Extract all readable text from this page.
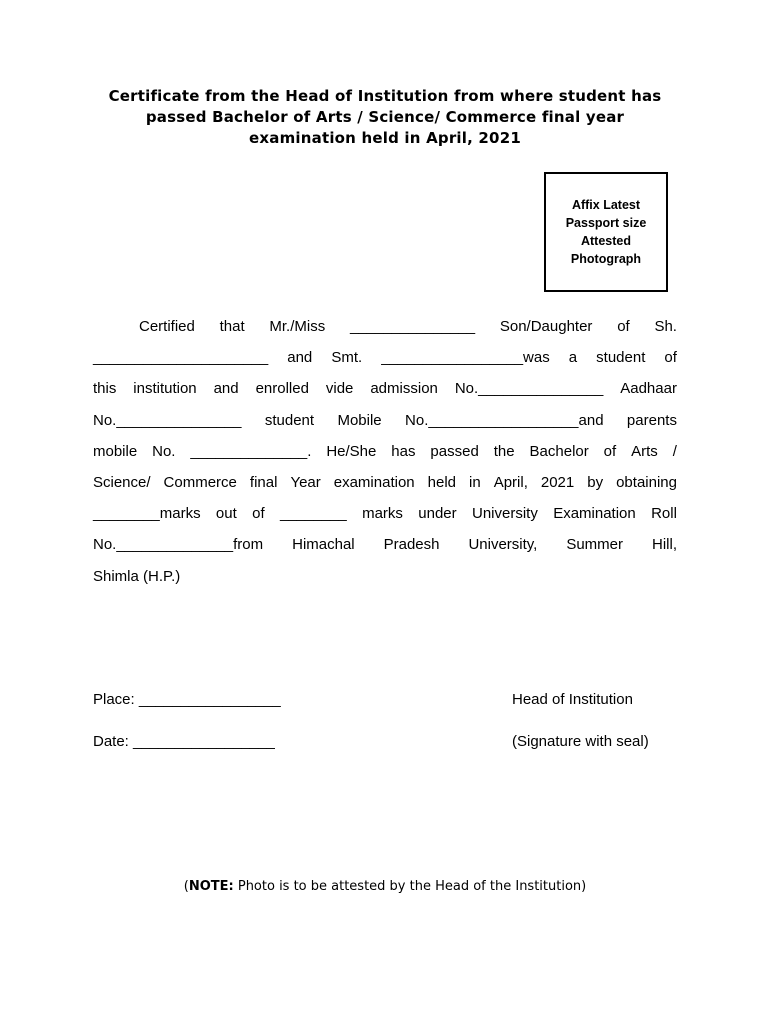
Certificate from the Head of Institution from where student has
passed Bachelor of Arts / Science/ Commerce final year
examination held in April, 2021
Affix Latest
Passport size
Attested
Photograph
Certified that Mr./Miss _______________ Son/Daughter of Sh.
_____________________ and Smt. _________________was a student of
this institution and enrolled vide admission No._______________ Aadhaar
No._______________ student Mobile No.__________________and parents
mobile No. ______________. He/She has passed the Bachelor of Arts /
Science/ Commerce final Year examination held in April, 2021 by obtaining
________marks out of ________ marks under University Examination Roll
No.______________from Himachal Pradesh University, Summer Hill,
Shimla (H.P.)
Place: _________________	Head of Institution
Date: _________________	(Signature with seal)
(NOTE: Photo is to be attested by the Head of the Institution)
